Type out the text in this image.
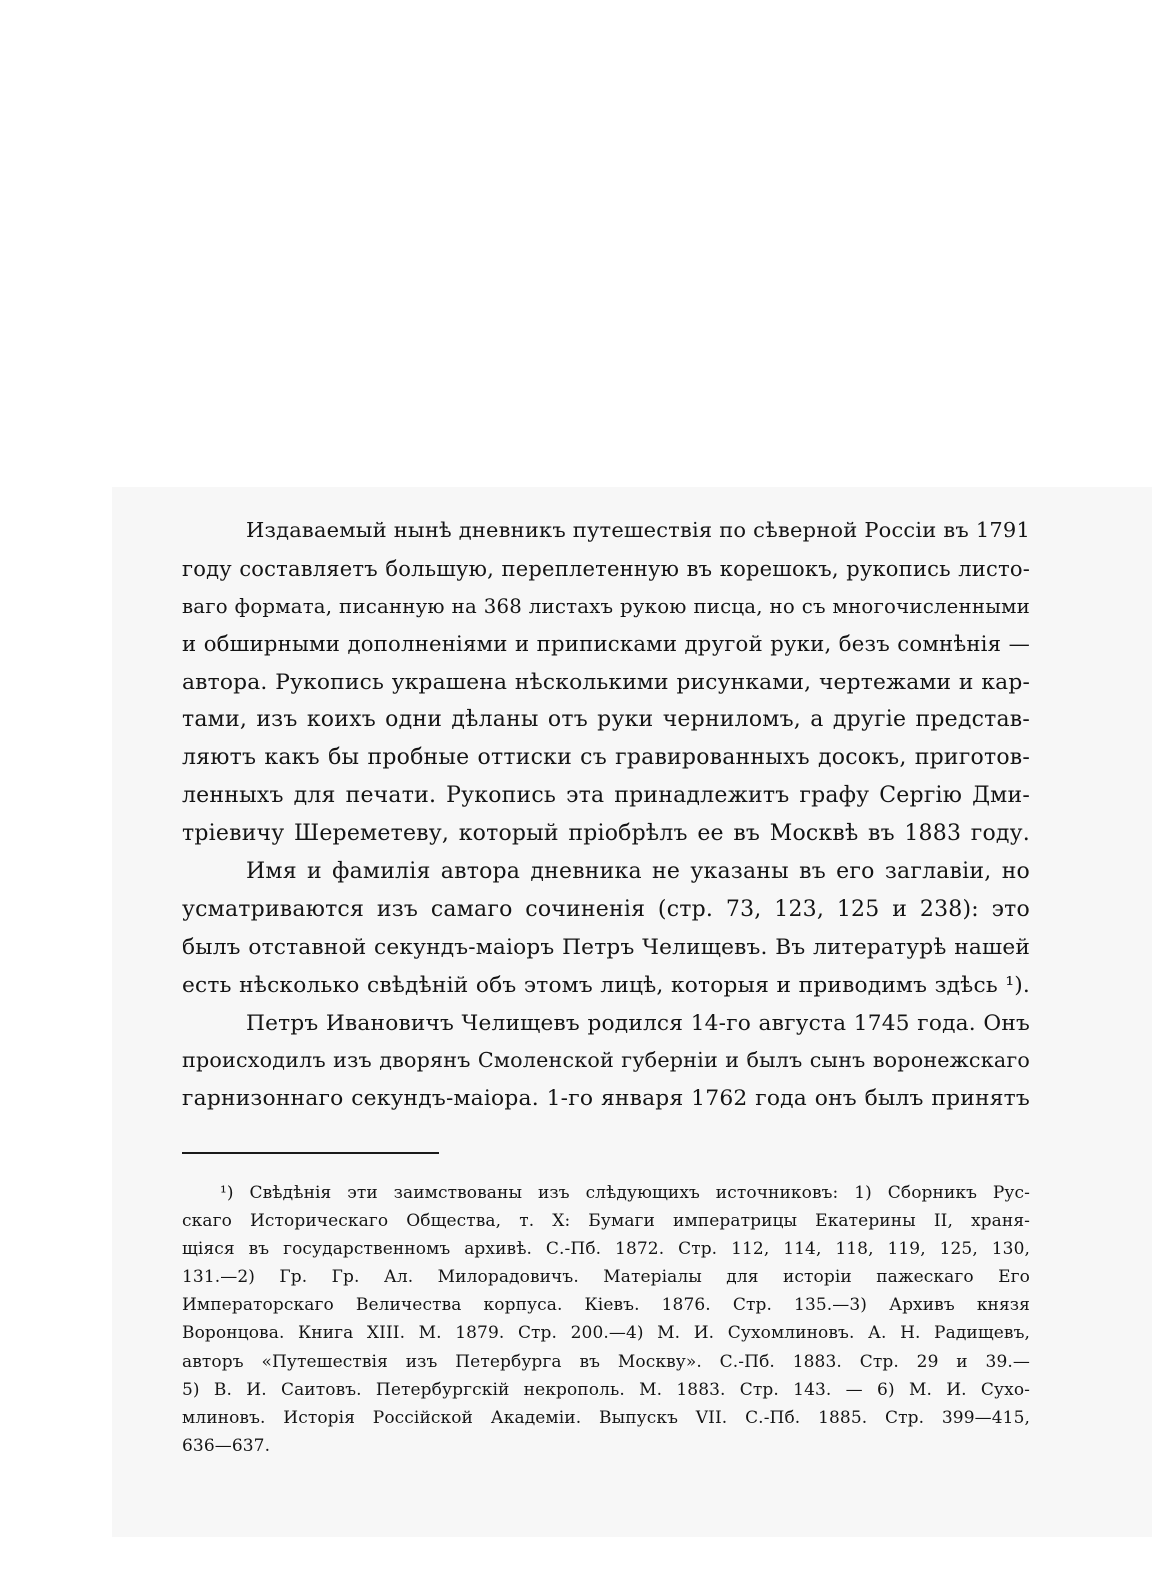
Издаваемый нынѣ дневникъ путешествія по сѣверной Россіи въ 1791
году составляетъ большую, переплетенную въ корешокъ, рукопись листо-
ваго формата, писанную на 368 листахъ рукою писца, но съ многочисленными
и обширными дополненіями и приписками другой руки, безъ сомнѣнія —
автора. Рукопись украшена нѣсколькими рисунками, чертежами и кар-
тами, изъ коихъ одни дѣланы отъ руки черниломъ, а другіе представ-
ляютъ какъ бы пробные оттиски съ гравированныхъ досокъ, приготов-
ленныхъ для печати. Рукопись эта принадлежитъ графу Сергію Дми-
тріевичу Шереметеву, который пріобрѣлъ ее въ Москвѣ въ 1883 году.
Имя и фамилія автора дневника не указаны въ его заглавіи, но
усматриваются изъ самаго сочиненія (стр. 73, 123, 125 и 238): это
былъ отставной секундъ-маіоръ Петръ Челищевъ. Въ литературѣ нашей
есть нѣсколько свѣдѣній объ этомъ лицѣ, которыя и приводимъ здѣсь ¹).
Петръ Ивановичъ Челищевъ родился 14-го августа 1745 года. Онъ
происходилъ изъ дворянъ Смоленской губерніи и былъ сынъ воронежскаго
гарнизоннаго секундъ-маіора. 1-го января 1762 года онъ былъ принятъ
¹) Свѣдѣнія эти заимствованы изъ слѣдующихъ источниковъ: 1) Сборникъ Рус-
скаго Историческаго Общества, т. X: Бумаги императрицы Екатерины II, храня-
щіяся въ государственномъ архивѣ. С.-Пб. 1872. Стр. 112, 114, 118, 119, 125, 130,
131.—2) Гр. Гр. Ал. Милорадовичъ. Матеріалы для исторіи пажескаго Его
Императорскаго Величества корпуса. Кіевъ. 1876. Стр. 135.—3) Архивъ князя
Воронцова. Книга XIII. М. 1879. Стр. 200.—4) М. И. Сухомлиновъ. А. Н. Радищевъ,
авторъ «Путешествія изъ Петербурга въ Москву». С.-Пб. 1883. Стр. 29 и 39.—
5) В. И. Саитовъ. Петербургскій некрополь. М. 1883. Стр. 143. — 6) М. И. Сухо-
млиновъ. Исторія Россійской Академіи. Выпускъ VII. С.-Пб. 1885. Стр. 399—415,
636—637.
